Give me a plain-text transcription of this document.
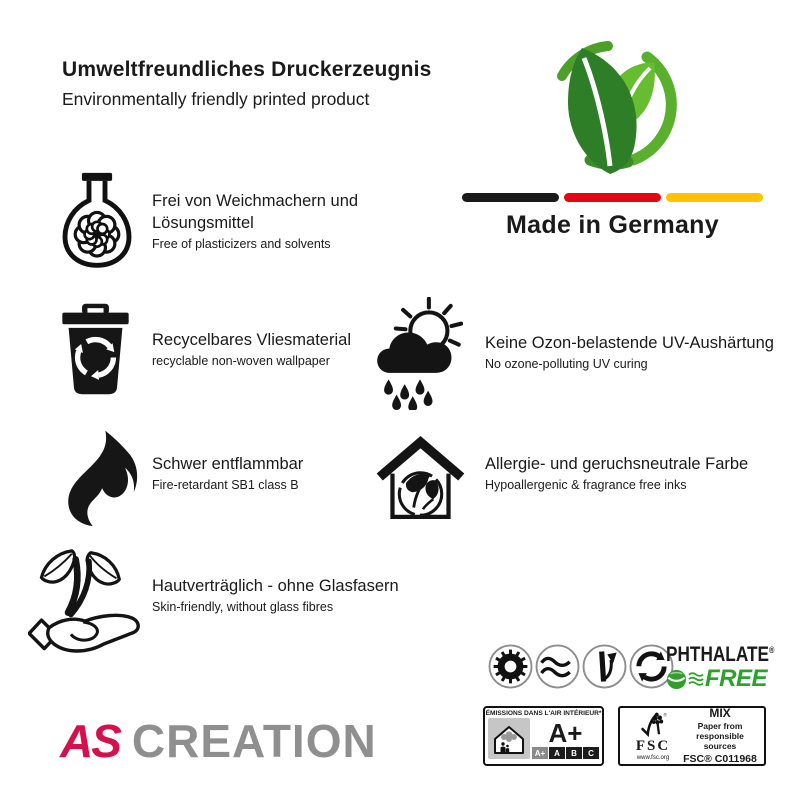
Umweltfreundliches Druckerzeugnis
Environmentally friendly printed product
Made in Germany
Frei von Weichmachern und Lösungsmittel
Free of plasticizers and solvents
Recycelbares Vliesmaterial
recyclable non-woven wallpaper
Keine Ozon-belastende UV-Aushärtung
No ozone-polluting UV curing
Schwer entflammbar
Fire-retardant SB1 class B
Allergie- und geruchsneutrale Farbe
Hypoallergenic & fragrance free inks
Hautverträglich - ohne Glasfasern
Skin-friendly, without glass fibres
AS CREATION
PHTHALATE®
FREE
ÉMISSIONS DANS L'AIR INTÉRIEUR*
A+
A+	A	B	C
®
FSC
www.fsc.org
MIX
Paper from
responsible sources
FSC® C011968
